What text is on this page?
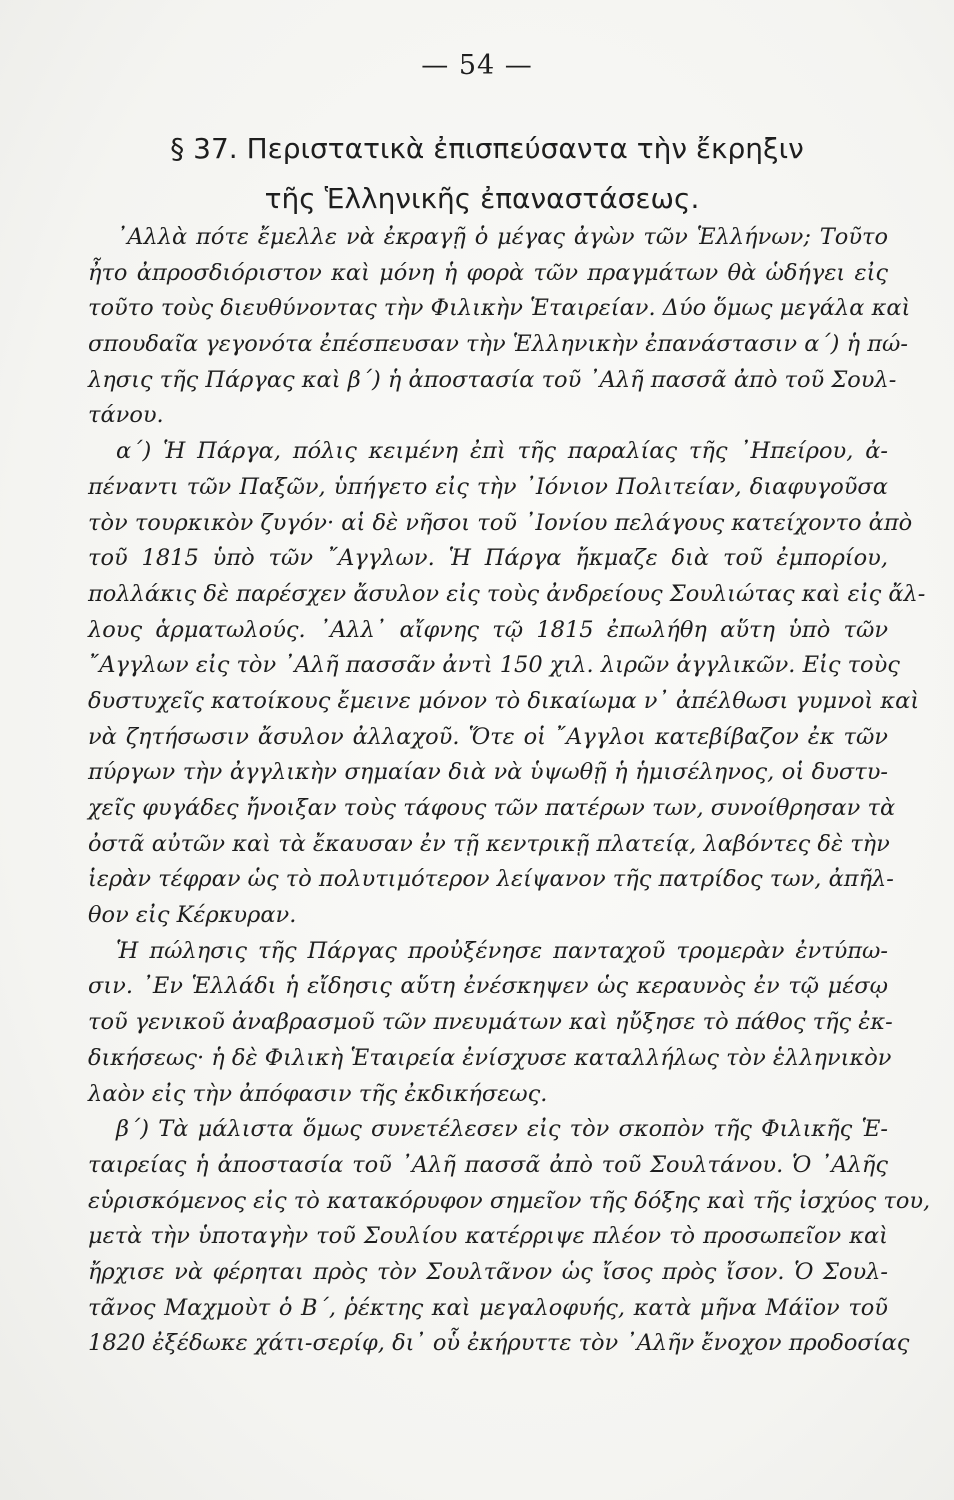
— 54 —
§ 37. Περιστατικὰ ἐπισπεύσαντα τὴν ἔκρηξιν
τῆς Ἑλληνικῆς ἐπαναστάσεως.
᾿Αλλὰ πότε ἔμελλε νὰ ἐκραγῇ ὁ μέγας ἀγὼν τῶν Ἑλλήνων; Τοῦτο
ἦτο ἀπροσδιόριστον καὶ μόνη ἡ φορὰ τῶν πραγμάτων θὰ ὡδήγει εἰς
τοῦτο τοὺς διευθύνοντας τὴν Φιλικὴν Ἑταιρείαν. Δύο ὅμως μεγάλα καὶ
σπουδαῖα γεγονότα ἐπέσπευσαν τὴν Ἑλληνικὴν ἐπανάστασιν α΄) ἡ πώ-
λησις τῆς Πάργας καὶ β΄) ἡ ἀποστασία τοῦ ᾿Αλῆ πασσᾶ ἀπὸ τοῦ Σουλ-
τάνου.
α΄) Ἡ Πάργα, πόλις κειμένη ἐπὶ τῆς παραλίας τῆς ᾿Ηπείρου, ἀ-
πέναντι τῶν Παξῶν, ὑπήγετο εἰς τὴν ᾿Ιόνιον Πολιτείαν, διαφυγοῦσα
τὸν τουρκικὸν ζυγόν· αἱ δὲ νῆσοι τοῦ ᾿Ιονίου πελάγους κατείχοντο ἀπὸ
τοῦ 1815 ὑπὸ τῶν ῎Αγγλων. Ἡ Πάργα ἤκμαζε διὰ τοῦ ἐμπορίου,
πολλάκις δὲ παρέσχεν ἄσυλον εἰς τοὺς ἀνδρείους Σουλιώτας καὶ εἰς ἄλ-
λους ἁρματωλούς. ᾿Αλλ᾿ αἴφνης τῷ 1815 ἐπωλήθη αὕτη ὑπὸ τῶν
῎Αγγλων εἰς τὸν ᾿Αλῆ πασσᾶν ἀντὶ 150 χιλ. λιρῶν ἀγγλικῶν. Εἰς τοὺς
δυστυχεῖς κατοίκους ἔμεινε μόνον τὸ δικαίωμα ν᾿ ἀπέλθωσι γυμνοὶ καὶ
νὰ ζητήσωσιν ἄσυλον ἀλλαχοῦ. Ὅτε οἱ ῎Αγγλοι κατεβίβαζον ἐκ τῶν
πύργων τὴν ἀγγλικὴν σημαίαν διὰ νὰ ὑψωθῇ ἡ ἡμισέληνος, οἱ δυστυ-
χεῖς φυγάδες ἤνοιξαν τοὺς τάφους τῶν πατέρων των, συνοίθρησαν τὰ
ὀστᾶ αὐτῶν καὶ τὰ ἔκαυσαν ἐν τῇ κεντρικῇ πλατείᾳ, λαβόντες δὲ τὴν
ἱερὰν τέφραν ὡς τὸ πολυτιμότερον λείψανον τῆς πατρίδος των, ἀπῆλ-
θον εἰς Κέρκυραν.
Ἡ πώλησις τῆς Πάργας προὐξένησε πανταχοῦ τρομερὰν ἐντύπω-
σιν. ᾿Εν Ἑλλάδι ἡ εἴδησις αὕτη ἐνέσκηψεν ὡς κεραυνὸς ἐν τῷ μέσῳ
τοῦ γενικοῦ ἀναβρασμοῦ τῶν πνευμάτων καὶ ηὔξησε τὸ πάθος τῆς ἐκ-
δικήσεως· ἡ δὲ Φιλικὴ Ἑταιρεία ἐνίσχυσε καταλλήλως τὸν ἑλληνικὸν
λαὸν εἰς τὴν ἀπόφασιν τῆς ἐκδικήσεως.
β΄) Τὰ μάλιστα ὅμως συνετέλεσεν εἰς τὸν σκοπὸν τῆς Φιλικῆς Ἑ-
ταιρείας ἡ ἀποστασία τοῦ ᾿Αλῆ πασσᾶ ἀπὸ τοῦ Σουλτάνου. Ὁ ᾿Αλῆς
εὑρισκόμενος εἰς τὸ κατακόρυφον σημεῖον τῆς δόξης καὶ τῆς ἰσχύος του,
μετὰ τὴν ὑποταγὴν τοῦ Σουλίου κατέρριψε πλέον τὸ προσωπεῖον καὶ
ἤρχισε νὰ φέρηται πρὸς τὸν Σουλτᾶνον ὡς ἴσος πρὸς ἴσον. Ὁ Σουλ-
τᾶνος Μαχμοὺτ ὁ Β΄, ῥέκτης καὶ μεγαλοφυής, κατὰ μῆνα Μάϊον τοῦ
1820 ἐξέδωκε χάτι-σερίφ, δι᾿ οὗ ἐκήρυττε τὸν ᾿Αλῆν ἔνοχον προδοσίας
